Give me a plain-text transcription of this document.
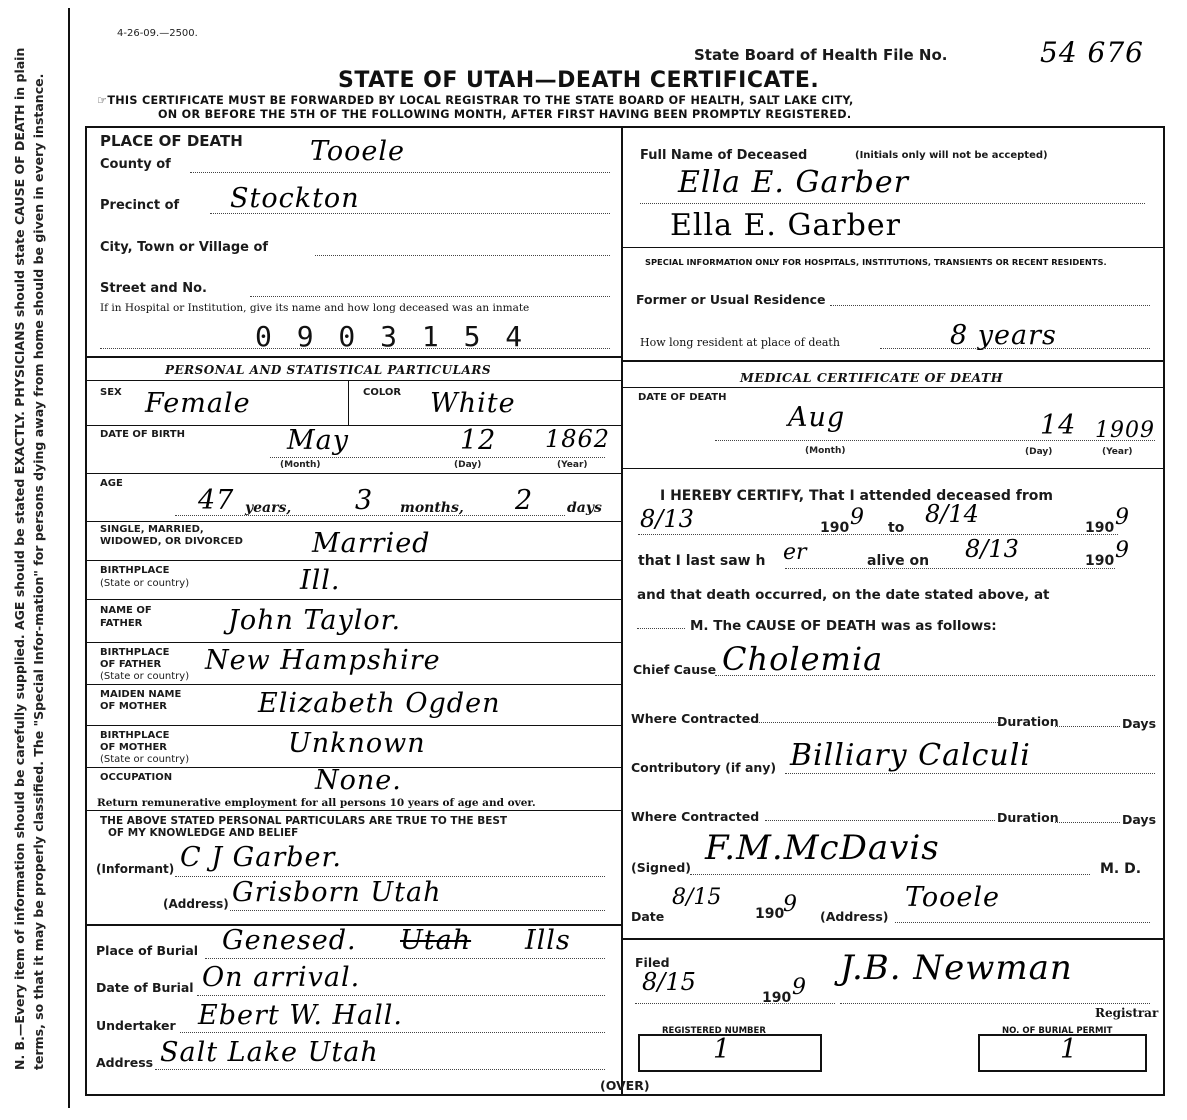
N. B.—Every item of information should be carefully supplied. AGE should be stated EXACTLY. PHYSICIANS should state CAUSE OF DEATH in plain terms, so that it may be properly classified. The "Special Infor-mation" for persons dying away from home should be given in every instance.
4-26-09.—2500.
State Board of Health File No.	54 676
STATE OF UTAH—DEATH CERTIFICATE.
☞THIS CERTIFICATE MUST BE FORWARDED BY LOCAL REGISTRAR TO THE STATE BOARD OF HEALTH, SALT LAKE CITY,
ON OR BEFORE THE 5TH OF THE FOLLOWING MONTH, AFTER FIRST HAVING BEEN PROMPTLY REGISTERED.
PLACE OF DEATH
County of	Tooele
Precinct of Stockton
City, Town or Village of
Street and No.
If in Hospital or Institution, give its name and how long deceased was an inmate
0 9 0 3 1 5 4
PERSONAL AND STATISTICAL PARTICULARS
SEX Female	COLOR White
DATE OF BIRTH	May	12 1862
(Month)	(Day)	(Year)
AGE
47 years, 3 months, 2 days
SINGLE, MARRIED,
WIDOWED, OR DIVORCED	Married
BIRTHPLACE
(State or country)	Ill.
NAME OF
FATHER	John Taylor.
BIRTHPLACE
OF FATHER
(State or country)
New Hampshire
MAIDEN NAME
OF MOTHER	Elizabeth Ogden
BIRTHPLACE
OF MOTHER
(State or country)
Unknown
OCCUPATION	None.
Return remunerative employment for all persons 10 years of age and over.
THE ABOVE STATED PERSONAL PARTICULARS ARE TRUE TO THE BEST
OF MY KNOWLEDGE AND BELIEF
(Informant) C J Garber.
(Address) Grisborn Utah
Place of Burial Genesed. Utah Ills
Date of Burial On arrival.
Undertaker Ebert W. Hall.
Address Salt Lake Utah
Full Name of Deceased	(Initials only will not be accepted)
Ella E. Garber
Ella E. Garber
SPECIAL INFORMATION ONLY FOR HOSPITALS, INSTITUTIONS, TRANSIENTS OR RECENT RESIDENTS.
Former or Usual Residence
How long resident at place of death	8 years
MEDICAL CERTIFICATE OF DEATH
DATE OF DEATH
Aug	14 1909
(Month)	(Day)	(Year)
I HEREBY CERTIFY, That I attended deceased from
8/13	190 9 to 8/14	190 9
that I last saw h er	alive on 8/13	190 9
and that death occurred, on the date stated above, at
M. The CAUSE OF DEATH was as follows:
Chief Cause Cholemia
Where Contracted	Duration	Days
Contributory (if any) Billiary Calculi
Where Contracted	Duration	Days
(Signed) F.M.McDavis
M. D.
Date
8/15
190
9 (Address)
Tooele
Filed
8/15
190 9 J.B. Newman
Registrar
REGISTERED NUMBER
1
NO. OF BURIAL PERMIT
1
(OVER)
